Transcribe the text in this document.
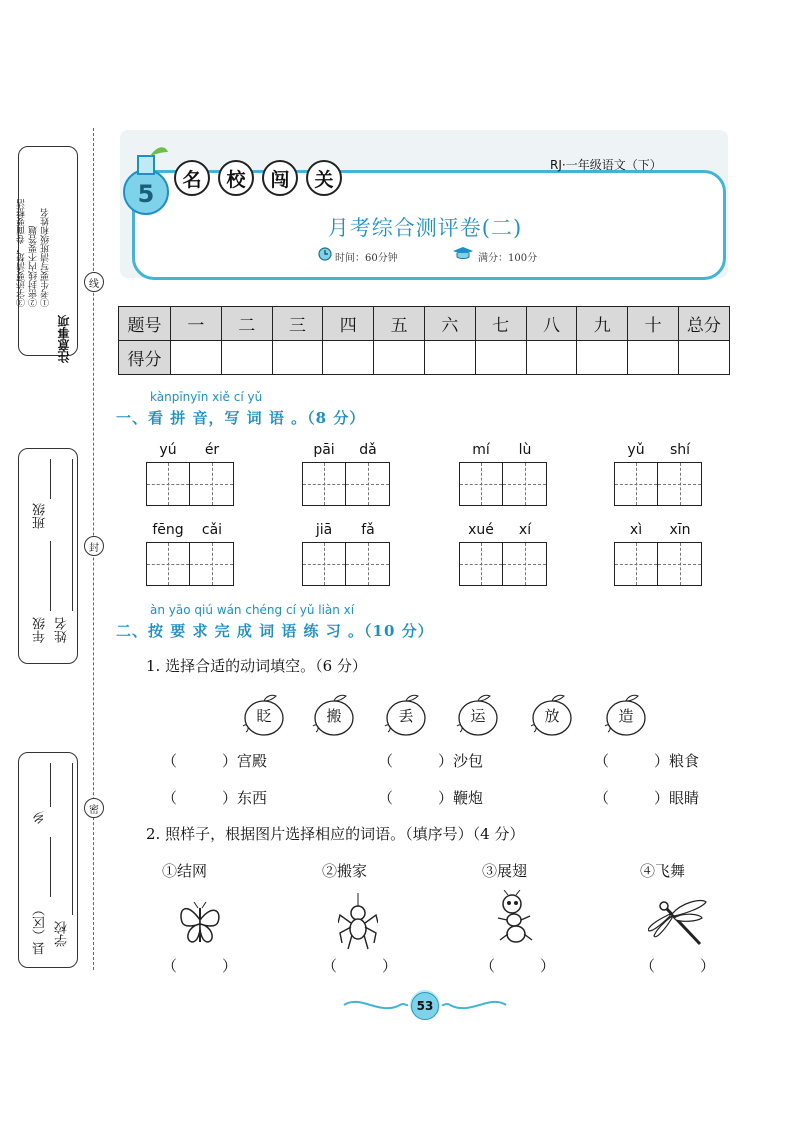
注意事项
①考生要写清班级和姓名
②密封线内不要答题
③字迹要清楚，卷面要整洁	线
封
密
年级
班级
姓名
县（区）
乡
学校
5
名	校	闯	关
RJ·一年级语文（下）
月考综合测评卷(二)
时间：60分钟	满分：100分
题号	一	二	三	四	五	六	七	八	九	十	总分
得分											
kànpīnyīn xiě cí yǔ
一、看 拼 音，写 词 语 。（8 分）
yú	ér	pāi	dǎ	mí	lù	yǔ	shí
fēng	cǎi	jiā	fǎ	xué	xí	xì	xīn
àn yāo qiú wán chéng cí yǔ liàn xí
二、按 要 求 完 成 词 语 练 习 。（10 分）
1. 选择合适的动词填空。（6 分）
眨	搬	丢	运	放	造
（　　　）宫殿	（　　　）沙包	（　　　）粮食
（　　　）东西	（　　　）鞭炮	（　　　）眼睛
2. 照样子，根据图片选择相应的词语。（填序号）（4 分）
①结网	②搬家	③展翅	④飞舞
（　　　）	（　　　）	（　　　）	（　　　）
53
